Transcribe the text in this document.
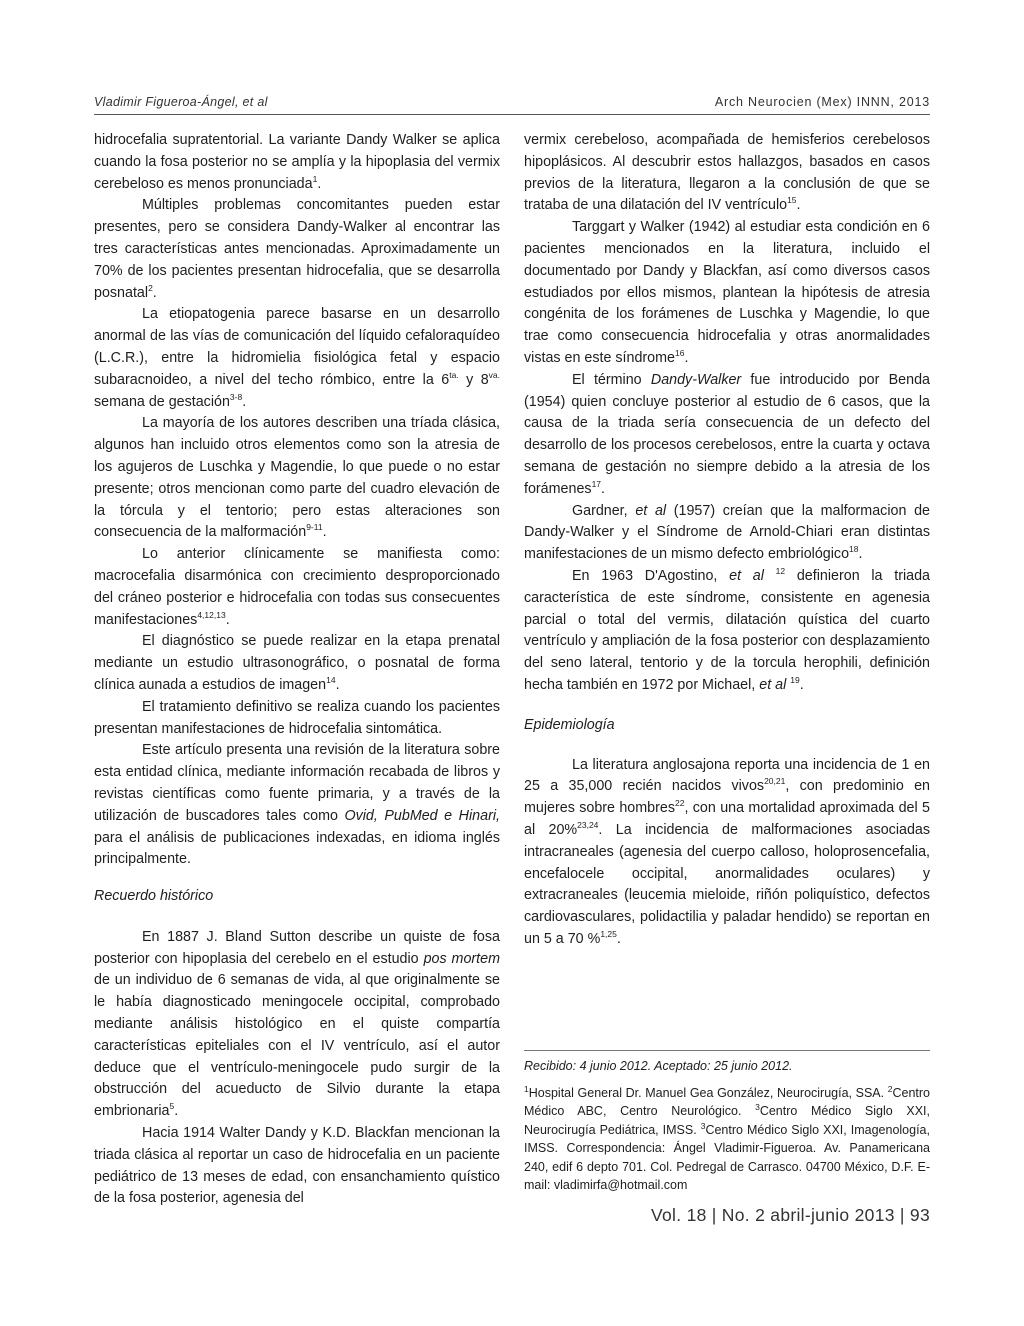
Vladimir Figueroa-Ángel, et al	Arch Neurocien (Mex) INNN, 2013

hidrocefalia supratentorial. La variante Dandy Walker se aplica cuando la fosa posterior no se amplía y la hipoplasia del vermix cerebeloso es menos pronunciada$^1$.

Múltiples problemas concomitantes pueden estar presentes, pero se considera Dandy-Walker al encontrar las tres características antes mencionadas. Aproximadamente un 70% de los pacientes presentan hidrocefalia, que se desarrolla posnatal$^2$.

La etiopatogenia parece basarse en un desarrollo anormal de las vías de comunicación del líquido cefaloraquídeo (L.C.R.), entre la hidromielia fisiológica fetal y espacio subaracnoideo, a nivel del techo rómbico, entre la $6^{ta.}$ y $8^{va.}$ semana de gestación$^{3-8}$.

La mayoría de los autores describen una tríada clásica, algunos han incluido otros elementos como son la atresia de los agujeros de Luschka y Magendie, lo que puede o no estar presente; otros mencionan como parte del cuadro elevación de la tórcula y el tentorio; pero estas alteraciones son consecuencia de la malformación$^{9-11}$.

Lo anterior clínicamente se manifiesta como: macrocefalia disarmónica con crecimiento desproporcionado del cráneo posterior e hidrocefalia con todas sus consecuentes manifestaciones$^{4,12,13}$.

El diagnóstico se puede realizar en la etapa prenatal mediante un estudio ultrasonográfico, o posnatal de forma clínica aunada a estudios de imagen$^{14}$.

El tratamiento definitivo se realiza cuando los pacientes presentan manifestaciones de hidrocefalia sintomática.

Este artículo presenta una revisión de la literatura sobre esta entidad clínica, mediante información recabada de libros y revistas científicas como fuente primaria, y a través de la utilización de buscadores tales como Ovid, PubMed e Hinari, para el análisis de publicaciones indexadas, en idioma inglés principalmente.

Recuerdo histórico

En 1887 J. Bland Sutton describe un quiste de fosa posterior con hipoplasia del cerebelo en el estudio pos mortem de un individuo de 6 semanas de vida, al que originalmente se le había diagnosticado meningocele occipital, comprobado mediante análisis histológico en el quiste compartía características epiteliales con el IV ventrículo, así el autor deduce que el ventrículo-meningocele pudo surgir de la obstrucción del acueducto de Silvio durante la etapa embrionaria$^5$.

Hacia 1914 Walter Dandy y K.D. Blackfan mencionan la triada clásica al reportar un caso de hidrocefalia en un paciente pediátrico de 13 meses de edad, con ensanchamiento quístico de la fosa posterior, agenesia del

vermix cerebeloso, acompañada de hemisferios cerebelosos hipoplásicos. Al descubrir estos hallazgos, basados en casos previos de la literatura, llegaron a la conclusión de que se trataba de una dilatación del IV ventrículo$^{15}$.

Targgart y Walker (1942) al estudiar esta condición en 6 pacientes mencionados en la literatura, incluido el documentado por Dandy y Blackfan, así como diversos casos estudiados por ellos mismos, plantean la hipótesis de atresia congénita de los forámenes de Luschka y Magendie, lo que trae como consecuencia hidrocefalia y otras anormalidades vistas en este síndrome$^{16}$.

El término Dandy-Walker fue introducido por Benda (1954) quien concluye posterior al estudio de 6 casos, que la causa de la triada sería consecuencia de un defecto del desarrollo de los procesos cerebelosos, entre la cuarta y octava semana de gestación no siempre debido a la atresia de los forámenes$^{17}$.

Gardner, et al (1957) creían que la malformacion de Dandy-Walker y el Síndrome de Arnold-Chiari eran distintas manifestaciones de un mismo defecto embriológico$^{18}$.

En 1963 D'Agostino, et al $^{12}$ definieron la triada característica de este síndrome, consistente en agenesia parcial o total del vermis, dilatación quística del cuarto ventrículo y ampliación de la fosa posterior con desplazamiento del seno lateral, tentorio y de la torcula herophili, definición hecha también en 1972 por Michael, et al $^{19}$.

Epidemiología

La literatura anglosajona reporta una incidencia de 1 en 25 a 35,000 recién nacidos vivos$^{20,21}$, con predominio en mujeres sobre hombres$^{22}$, con una mortalidad aproximada del 5 al 20%$^{23,24}$. La incidencia de malformaciones asociadas intracraneales (agenesia del cuerpo calloso, holoprosencefalia, encefalocele occipital, anormalidades oculares) y extracraneales (leucemia mieloide, riñón poliquístico, defectos cardiovasculares, polidactilia y paladar hendido) se reportan en un 5 a 70 %$^{1,25}$.

Recibido: 4 junio 2012. Aceptado: 25 junio 2012.

$^1$Hospital General Dr. Manuel Gea González, Neurocirugía, SSA. $^2$Centro Médico ABC, Centro Neurológico. $^3$Centro Médico Siglo XXI, Neurocirugía Pediátrica, IMSS. $^3$Centro Médico Siglo XXI, Imagenología, IMSS. Correspondencia: Ángel Vladimir-Figueroa. Av. Panamericana 240, edif 6 depto 701. Col. Pedregal de Carrasco. 04700 México, D.F. E-mail: vladimirfa@hotmail.com

Vol. 18 | No. 2 abril-junio 2013 | 93
